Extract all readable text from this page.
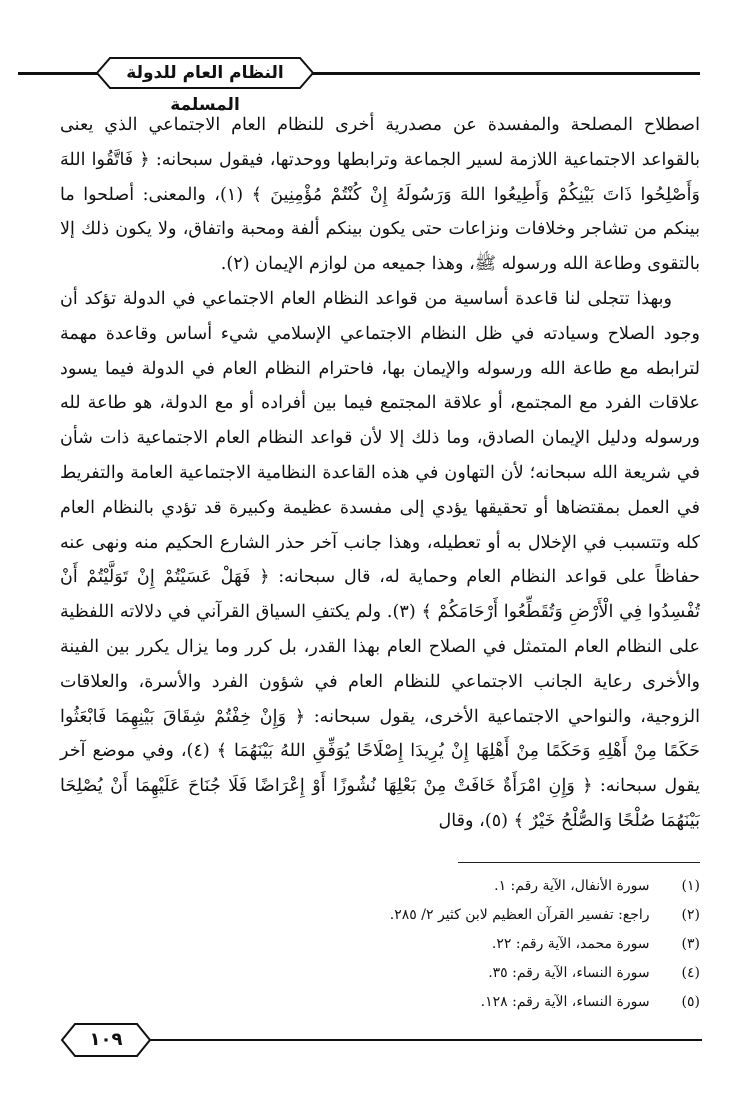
النظام العام للدولة المسلمة

اصطلاح المصلحة والمفسدة عن مصدرية أخرى للنظام العام الاجتماعي الذي يعنى بالقواعد الاجتماعية اللازمة لسير الجماعة وترابطها ووحدتها، فيقول سبحانه: ﴿ فَاتَّقُوا اللهَ وَأَصْلِحُوا ذَاتَ بَيْنِكُمْ وَأَطِيعُوا اللهَ وَرَسُولَهُ إِنْ كُنْتُمْ مُؤْمِنِينَ ﴾ (١)، والمعنى: أصلحوا ما بينكم من تشاجر وخلافات ونزاعات حتى يكون بينكم ألفة ومحبة واتفاق، ولا يكون ذلك إلا بالتقوى وطاعة الله ورسوله ﷺ، وهذا جميعه من لوازم الإيمان (٢).

وبهذا تتجلى لنا قاعدة أساسية من قواعد النظام العام الاجتماعي في الدولة تؤكد أن وجود الصلاح وسيادته في ظل النظام الاجتماعي الإسلامي شيء أساس وقاعدة مهمة لترابطه مع طاعة الله ورسوله والإيمان بها، فاحترام النظام العام في الدولة فيما يسود علاقات الفرد مع المجتمع، أو علاقة المجتمع فيما بين أفراده أو مع الدولة، هو طاعة لله ورسوله ودليل الإيمان الصادق، وما ذلك إلا لأن قواعد النظام العام الاجتماعية ذات شأن في شريعة الله سبحانه؛ لأن التهاون في هذه القاعدة النظامية الاجتماعية العامة والتفريط في العمل بمقتضاها أو تحقيقها يؤدي إلى مفسدة عظيمة وكبيرة قد تؤدي بالنظام العام كله وتتسبب في الإخلال به أو تعطيله، وهذا جانب آخر حذر الشارع الحكيم منه ونهى عنه حفاظاً على قواعد النظام العام وحماية له، قال سبحانه: ﴿ فَهَلْ عَسَيْتُمْ إِنْ تَوَلَّيْتُمْ أَنْ تُفْسِدُوا فِي الْأَرْضِ وَتُقَطِّعُوا أَرْحَامَكُمْ ﴾ (٣). ولم يكتفِ السياق القرآني في دلالاته اللفظية على النظام العام المتمثل في الصلاح العام بهذا القدر، بل كرر وما يزال يكرر بين الفينة والأخرى رعاية الجانب الاجتماعي للنظام العام في شؤون الفرد والأسرة، والعلاقات الزوجية، والنواحي الاجتماعية الأخرى، يقول سبحانه: ﴿ وَإِنْ خِفْتُمْ شِقَاقَ بَيْنِهِمَا فَابْعَثُوا حَكَمًا مِنْ أَهْلِهِ وَحَكَمًا مِنْ أَهْلِهَا إِنْ يُرِيدَا إِصْلَاحًا يُوَفِّقِ اللهُ بَيْنَهُمَا ﴾ (٤)، وفي موضع آخر يقول سبحانه: ﴿ وَإِنِ امْرَأَةٌ خَافَتْ مِنْ بَعْلِهَا نُشُوزًا أَوْ إِعْرَاضًا فَلَا جُنَاحَ عَلَيْهِمَا أَنْ يُصْلِحَا بَيْنَهُمَا صُلْحًا وَالصُّلْحُ خَيْرٌ ﴾ (٥)، وقال

(١) سورة الأنفال، الآية رقم: ١.
(٢) راجع: تفسير القرآن العظيم لابن كثير ٢/ ٢٨٥.
(٣) سورة محمد، الآية رقم: ٢٢.
(٤) سورة النساء، الآية رقم: ٣٥.
(٥) سورة النساء، الآية رقم: ١٢٨.
١٠٩
